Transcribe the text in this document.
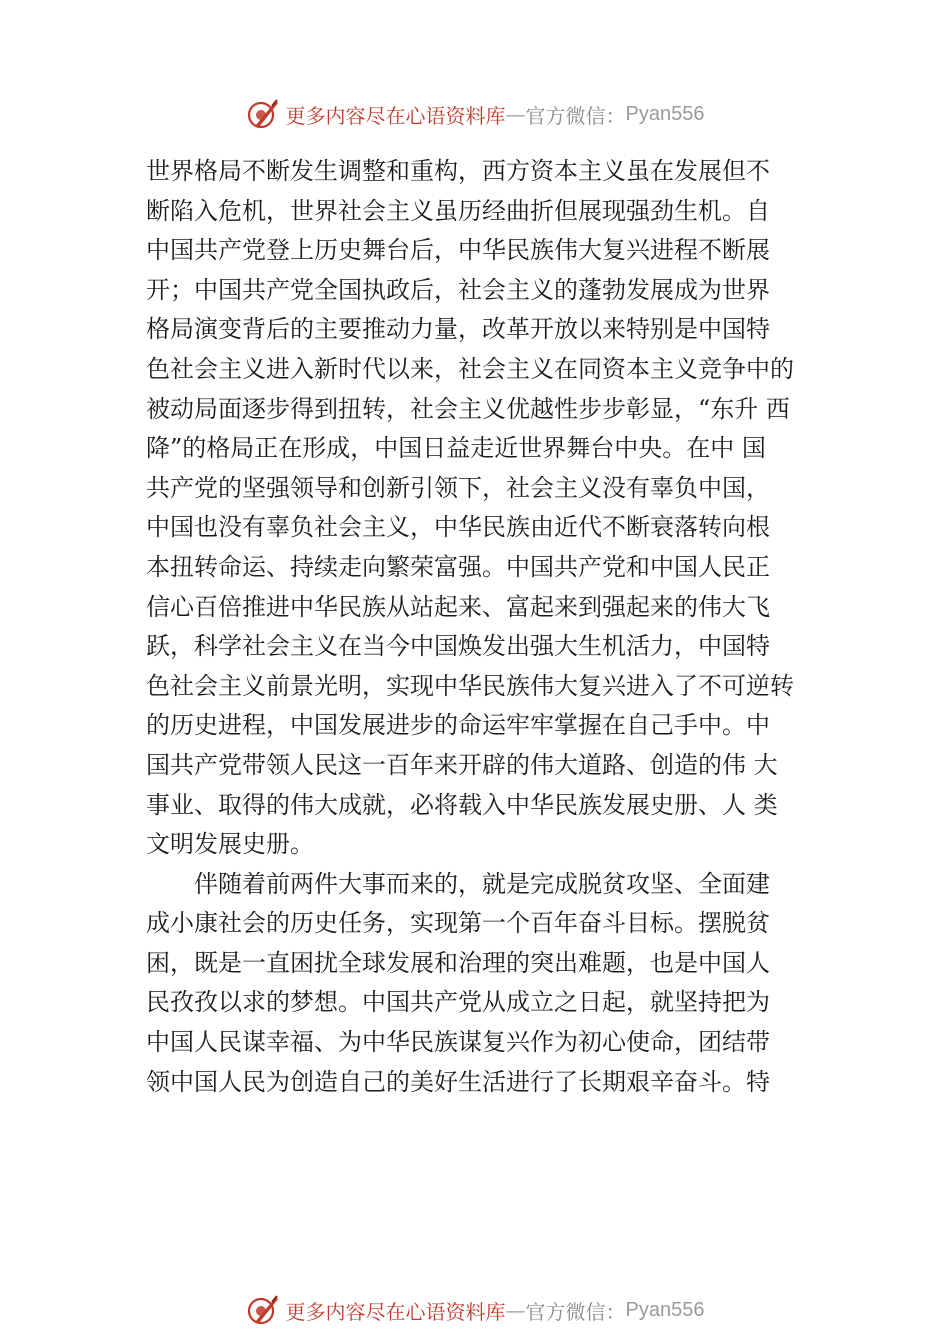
更多内容尽在心语资料库 — 官方微信： Pyan556
世界格局不断发生调整和重构，西方资本主义虽在发展但不
断陷入危机，世界社会主义虽历经曲折但展现强劲生机。自
中国共产党登上历史舞台后，中华民族伟大复兴进程不断展
开；中国共产党全国执政后，社会主义的蓬勃发展成为世界
格局演变背后的主要推动力量，改革开放以来特别是中国特
色社会主义进入新时代以来，社会主义在同资本主义竞争中的
被动局面逐步得到扭转，社会主义优越性步步彰显，“东升 西
降”的格局正在形成，中国日益走近世界舞台中央。在中 国
共产党的坚强领导和创新引领下，社会主义没有辜负中国，
中国也没有辜负社会主义，中华民族由近代不断衰落转向根
本扭转命运、持续走向繁荣富强。中国共产党和中国人民正
信心百倍推进中华民族从站起来、富起来到强起来的伟大飞
跃，科学社会主义在当今中国焕发出强大生机活力，中国特
色社会主义前景光明，实现中华民族伟大复兴进入了不可逆转
的历史进程，中国发展进步的命运牢牢掌握在自己手中。中
国共产党带领人民这一百年来开辟的伟大道路、创造的伟 大
事业、取得的伟大成就，必将载入中华民族发展史册、人 类
文明发展史册。
伴随着前两件大事而来的，就是完成脱贫攻坚、全面建
成小康社会的历史任务，实现第一个百年奋斗目标。摆脱贫
困，既是一直困扰全球发展和治理的突出难题，也是中国人
民孜孜以求的梦想。中国共产党从成立之日起，就坚持把为
中国人民谋幸福、为中华民族谋复兴作为初心使命，团结带
领中国人民为创造自己的美好生活进行了长期艰辛奋斗。特
更多内容尽在心语资料库 — 官方微信： Pyan556
